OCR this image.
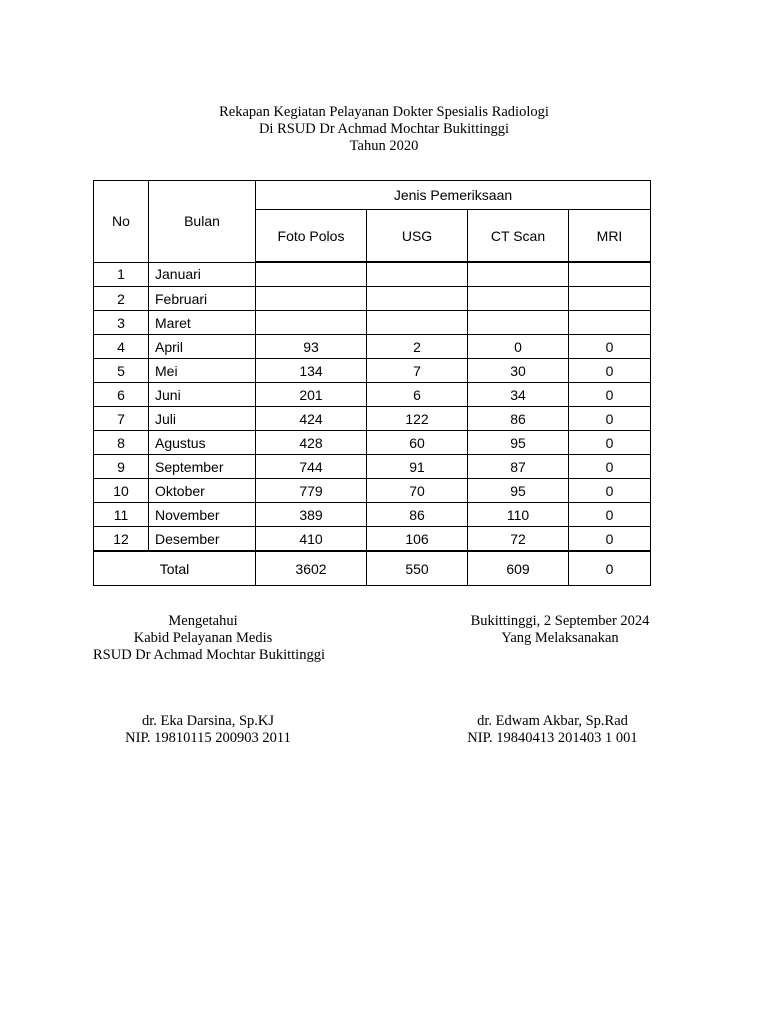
Rekapan Kegiatan Pelayanan Dokter Spesialis Radiologi
Di RSUD Dr Achmad Mochtar Bukittinggi
Tahun 2020
No	Bulan	Jenis Pemeriksaan			
		Foto Polos	USG	CT Scan	MRI
1	Januari				
2	Februari				
3	Maret				
4	April	93	2	0	0
5	Mei	134	7	30	0
6	Juni	201	6	34	0
7	Juli	424	122	86	0
8	Agustus	428	60	95	0
9	September	744	91	87	0
10	Oktober	779	70	95	0
11	November	389	86	110	0
12	Desember	410	106	72	0
Total		3602	550	609	0
Mengetahui
Kabid Pelayanan Medis
RSUD Dr Achmad Mochtar Bukittinggi
Bukittinggi, 2 September 2024
Yang Melaksanakan
dr. Eka Darsina, Sp.KJ
NIP. 19810115 200903 2011
dr. Edwam Akbar, Sp.Rad
NIP. 19840413 201403 1 001
